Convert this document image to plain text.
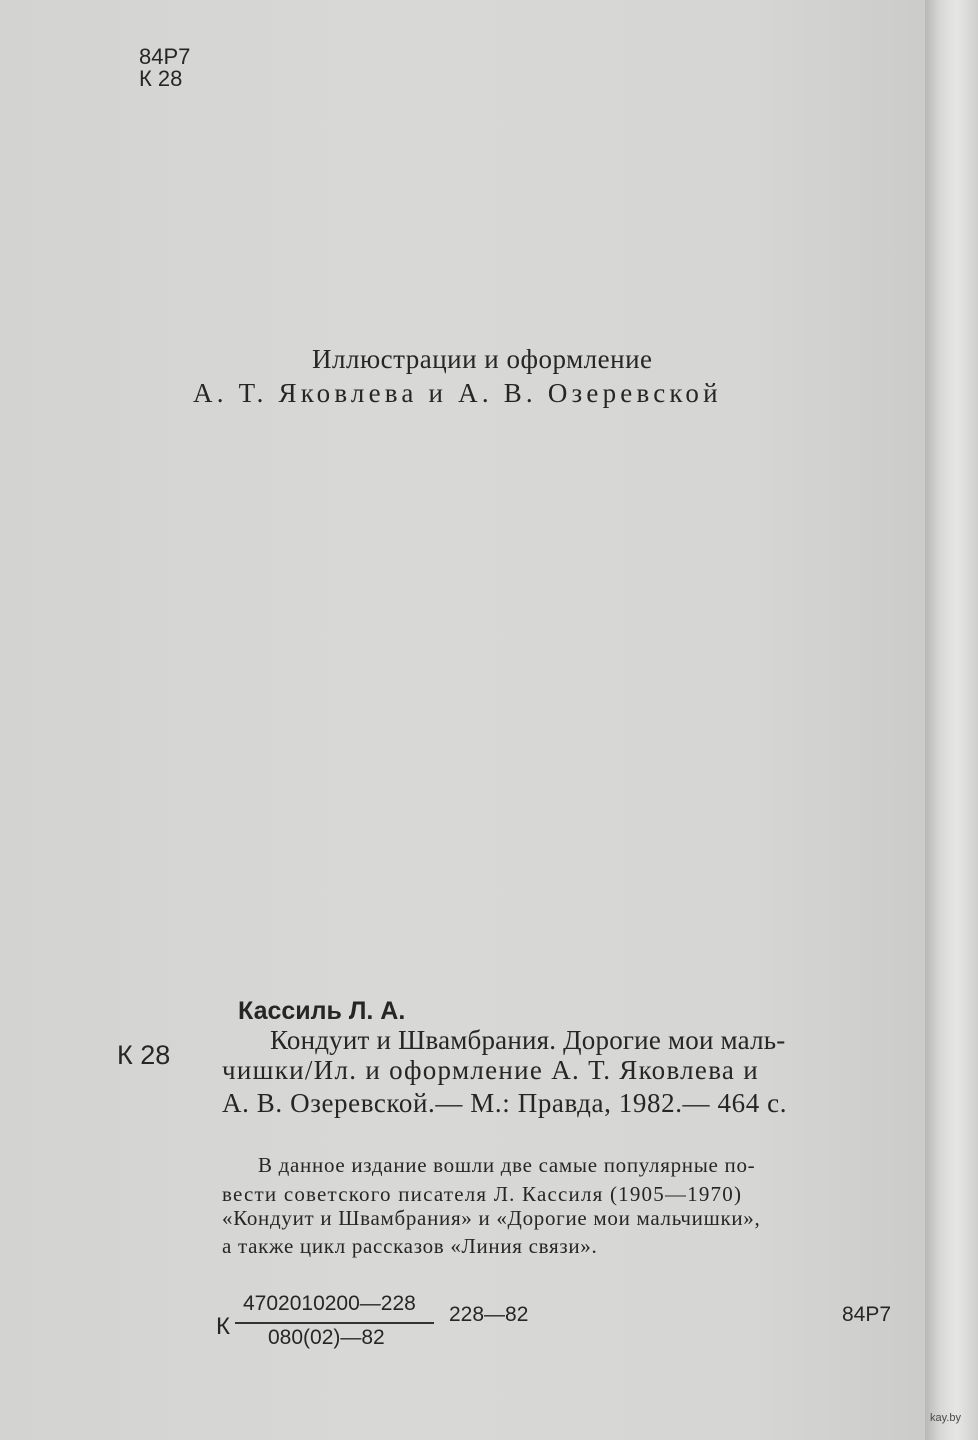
84Р7
К 28
Иллюстрации и оформление
А. Т. Яковлева и А. В. Озеревской
Кассиль Л. А.
К 28	Кондуит и Швамбрания. Дорогие мои маль-
чишки/Ил. и оформление А. Т. Яковлева и
А. В. Озеревской.— М.: Правда, 1982.— 464 с.
В данное издание вошли две самые популярные по-
вести советского писателя Л. Кассиля (1905—1970)
«Кондуит и Швамбрания» и «Дорогие мои мальчишки»,
а также цикл рассказов «Линия связи».
К
4702010200—228
080(02)—82
228—82	84Р7
kay.by
